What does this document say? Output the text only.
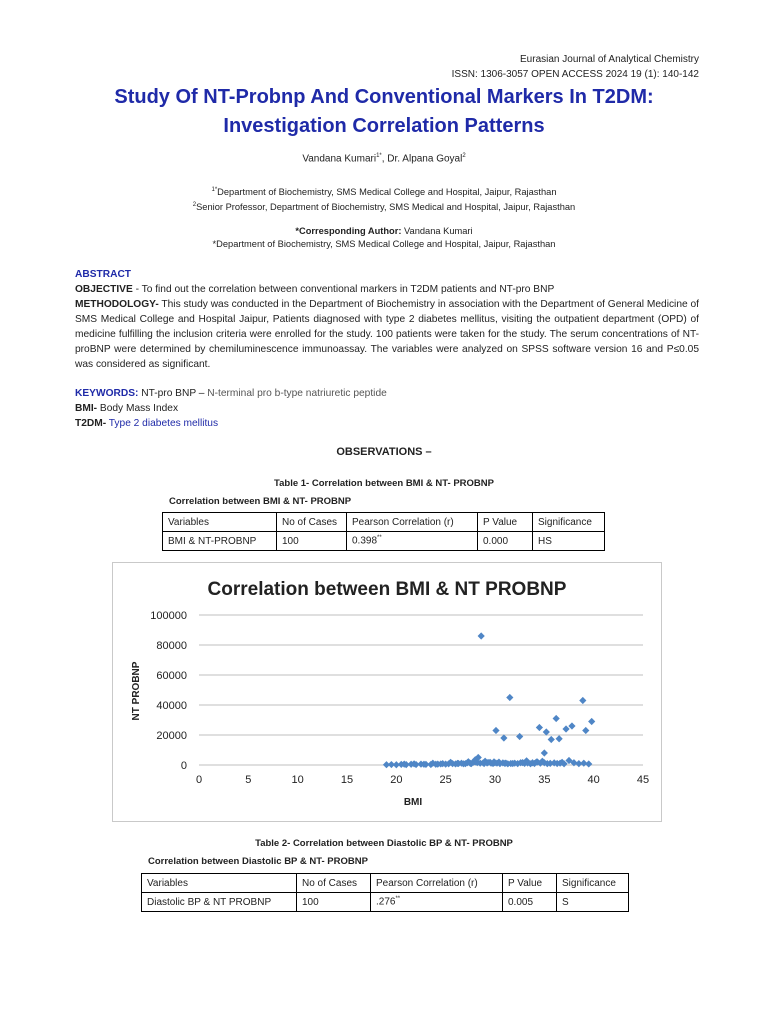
Eurasian Journal of Analytical Chemistry
ISSN: 1306-3057 OPEN ACCESS 2024 19 (1): 140-142
Study Of NT-Probnp And Conventional Markers In T2DM:
Investigation Correlation Patterns
Vandana Kumari$^{1*}$, Dr. Alpana Goyal$^2$
$^{1*}$Department of Biochemistry, SMS Medical College and Hospital, Jaipur, Rajasthan
$^2$Senior Professor, Department of Biochemistry, SMS Medical and Hospital, Jaipur, Rajasthan
*Corresponding Author: Vandana Kumari
*Department of Biochemistry, SMS Medical College and Hospital, Jaipur, Rajasthan
ABSTRACT
OBJECTIVE - To find out the correlation between conventional markers in T2DM patients and NT-pro BNP
METHODOLOGY- This study was conducted in the Department of Biochemistry in association with the Department of General Medicine of SMS Medical College and Hospital Jaipur, Patients diagnosed with type 2 diabetes mellitus, visiting the outpatient department (OPD) of medicine fulfilling the inclusion criteria were enrolled for the study. 100 patients were taken for the study. The serum concentrations of NT-proBNP were determined by chemiluminescence immunoassay. The variables were analyzed on SPSS software version 16 and P≤0.05 was considered as significant.
KEYWORDS: NT-pro BNP – N-terminal pro b-type natriuretic peptide
BMI- Body Mass Index
T2DM- Type 2 diabetes mellitus
OBSERVATIONS –
Table 1- Correlation between BMI & NT- PROBNP
Correlation between BMI & NT- PROBNP
Variables	No of Cases	Pearson Correlation (r)	P Value	Significance
BMI & NT-PROBNP	100	0.398**	0.000	HS
Correlation between BMI & NT PROBNP
0
20000
40000
60000
80000
100000
0	5	10	15	20	25	30	35	40	45
BMI
NT PROBNP
Table 2- Correlation between Diastolic BP & NT- PROBNP
Correlation between Diastolic BP & NT- PROBNP
Variables	No of Cases	Pearson Correlation (r)	P Value	Significance
Diastolic BP & NT PROBNP	100	.276**	0.005	S
